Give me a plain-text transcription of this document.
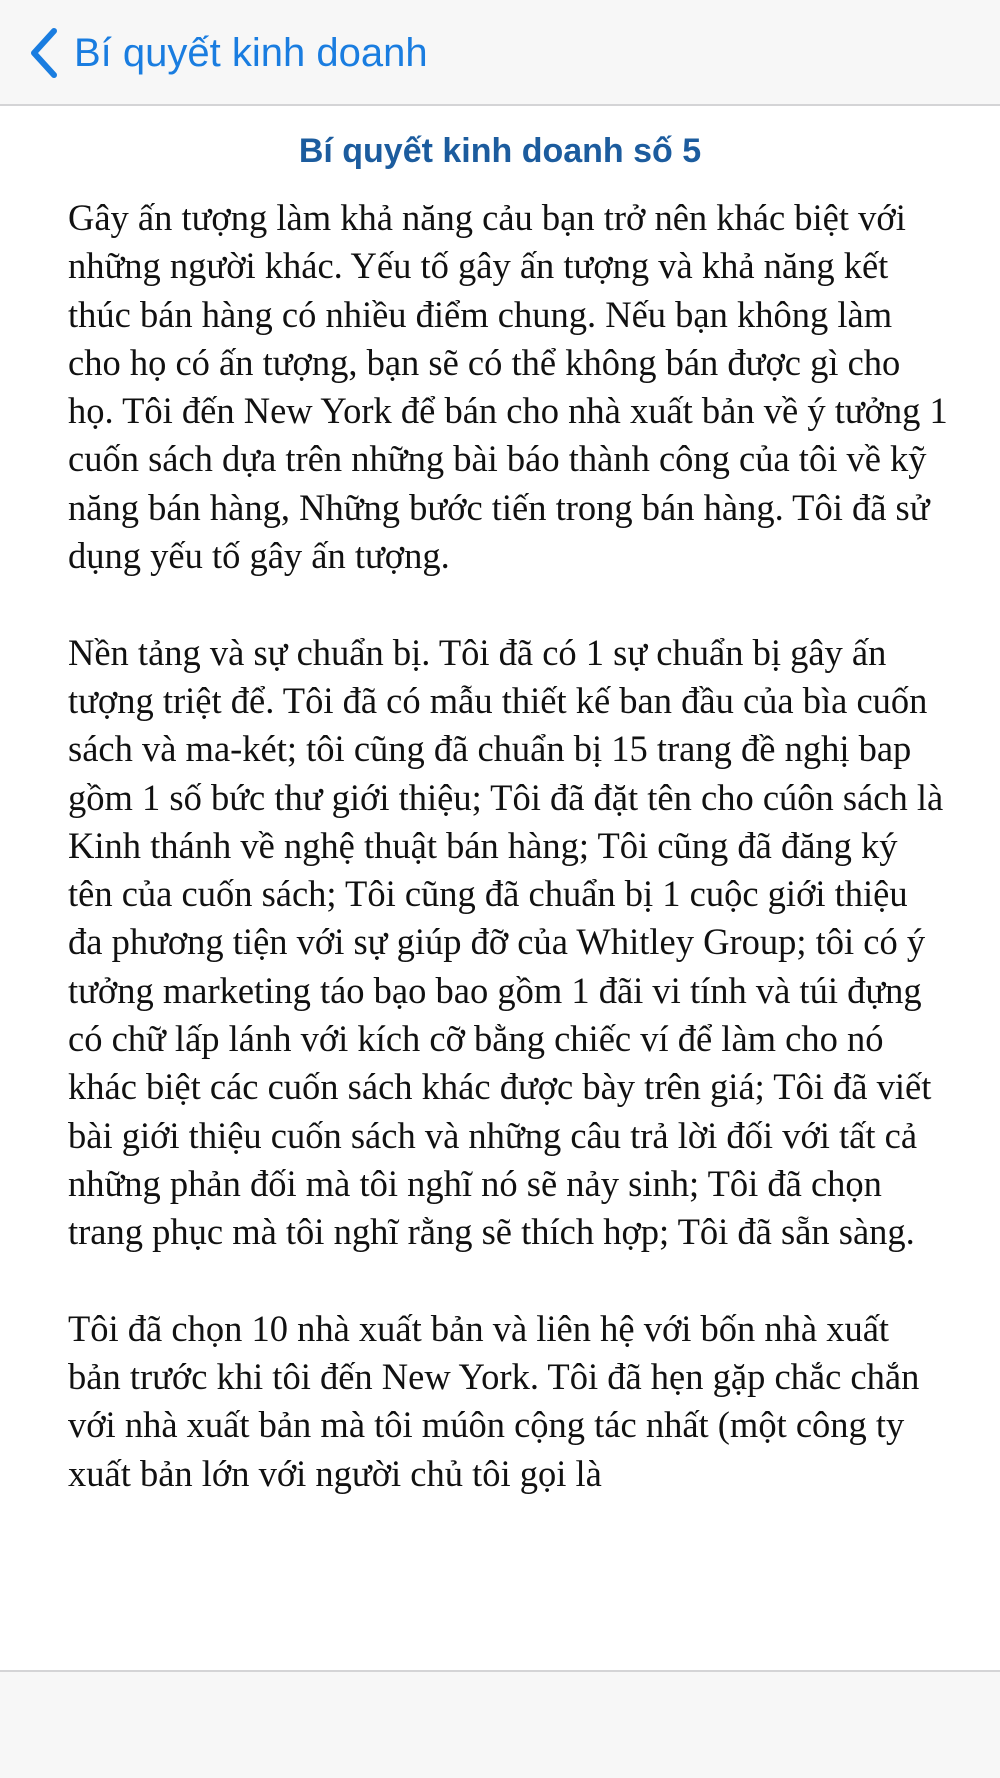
Bí quyết kinh doanh
Bí quyết kinh doanh số 5

Gây ấn tượng làm khả năng cảu bạn trở nên khác biệt với những người khác. Yếu tố gây ấn tượng và khả năng kết thúc bán hàng có nhiều điểm chung. Nếu bạn không làm cho họ có ấn tượng, bạn sẽ có thể không bán được gì cho họ. Tôi đến New York để bán cho nhà xuất bản về ý tưởng 1 cuốn sách dựa trên những bài báo thành công của tôi về kỹ năng bán hàng, Những bước tiến trong bán hàng. Tôi đã sử dụng yếu tố gây ấn tượng.

Nền tảng và sự chuẩn bị. Tôi đã có 1 sự chuẩn bị gây ấn tượng triệt để. Tôi đã có mẫu thiết kế ban đầu của bìa cuốn sách và ma-két; tôi cũng đã chuẩn bị 15 trang đề nghị bap gồm 1 số bức thư giới thiệu; Tôi đã đặt tên cho cúôn sách là Kinh thánh về nghệ thuật bán hàng; Tôi cũng đã đăng ký tên của cuốn sách; Tôi cũng đã chuẩn bị 1 cuộc giới thiệu đa phương tiện với sự giúp đỡ của Whitley Group; tôi có ý tưởng marketing táo bạo bao gồm 1 đãi vi tính và túi đựng có chữ lấp lánh với kích cỡ bằng chiếc ví để làm cho nó khác biệt các cuốn sách khác được bày trên giá; Tôi đã viết bài giới thiệu cuốn sách và những câu trả lời đối với tất cả những phản đối mà tôi nghĩ nó sẽ nảy sinh; Tôi đã chọn trang phục mà tôi nghĩ rằng sẽ thích hợp; Tôi đã sẵn sàng.

Tôi đã chọn 10 nhà xuất bản và liên hệ với bốn nhà xuất bản trước khi tôi đến New York. Tôi đã hẹn gặp chắc chắn với nhà xuất bản mà tôi múôn cộng tác nhất (một công ty xuất bản lớn với người chủ tôi gọi là
